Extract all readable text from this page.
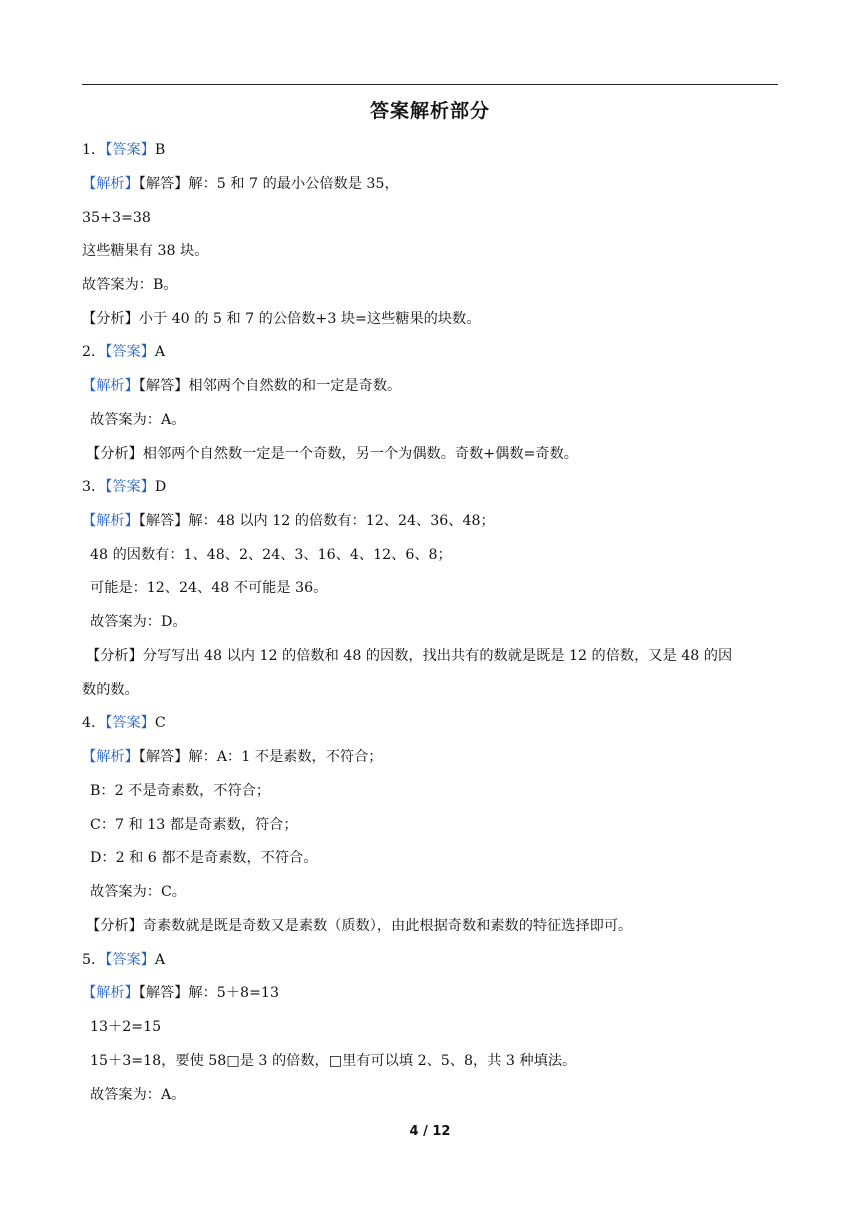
答案解析部分
1．【答案】B
【解析】【解答】解：5 和 7 的最小公倍数是 35，
35+3=38
这些糖果有 38 块。
故答案为：B。
【分析】小于 40 的 5 和 7 的公倍数+3 块=这些糖果的块数。
2．【答案】A
【解析】【解答】相邻两个自然数的和一定是奇数。
故答案为：A。
【分析】相邻两个自然数一定是一个奇数，另一个为偶数。奇数+偶数=奇数。
3．【答案】D
【解析】【解答】解：48 以内 12 的倍数有：12、24、36、48；
48 的因数有：1、48、2、24、3、16、4、12、6、8；
可能是：12、24、48 不可能是 36。
故答案为：D。
【分析】分写写出 48 以内 12 的倍数和 48 的因数，找出共有的数就是既是 12 的倍数，又是 48 的因
数的数。
4．【答案】C
【解析】【解答】解：A：1 不是素数，不符合；
B：2 不是奇素数，不符合；
C：7 和 13 都是奇素数，符合；
D：2 和 6 都不是奇素数，不符合。
故答案为：C。
【分析】奇素数就是既是奇数又是素数（质数），由此根据奇数和素数的特征选择即可。
5．【答案】A
【解析】【解答】解：5＋8=13
13＋2=15
15＋3=18，要使 58□是 3 的倍数，□里有可以填 2、5、8，共 3 种填法。
故答案为：A。
4 / 12
